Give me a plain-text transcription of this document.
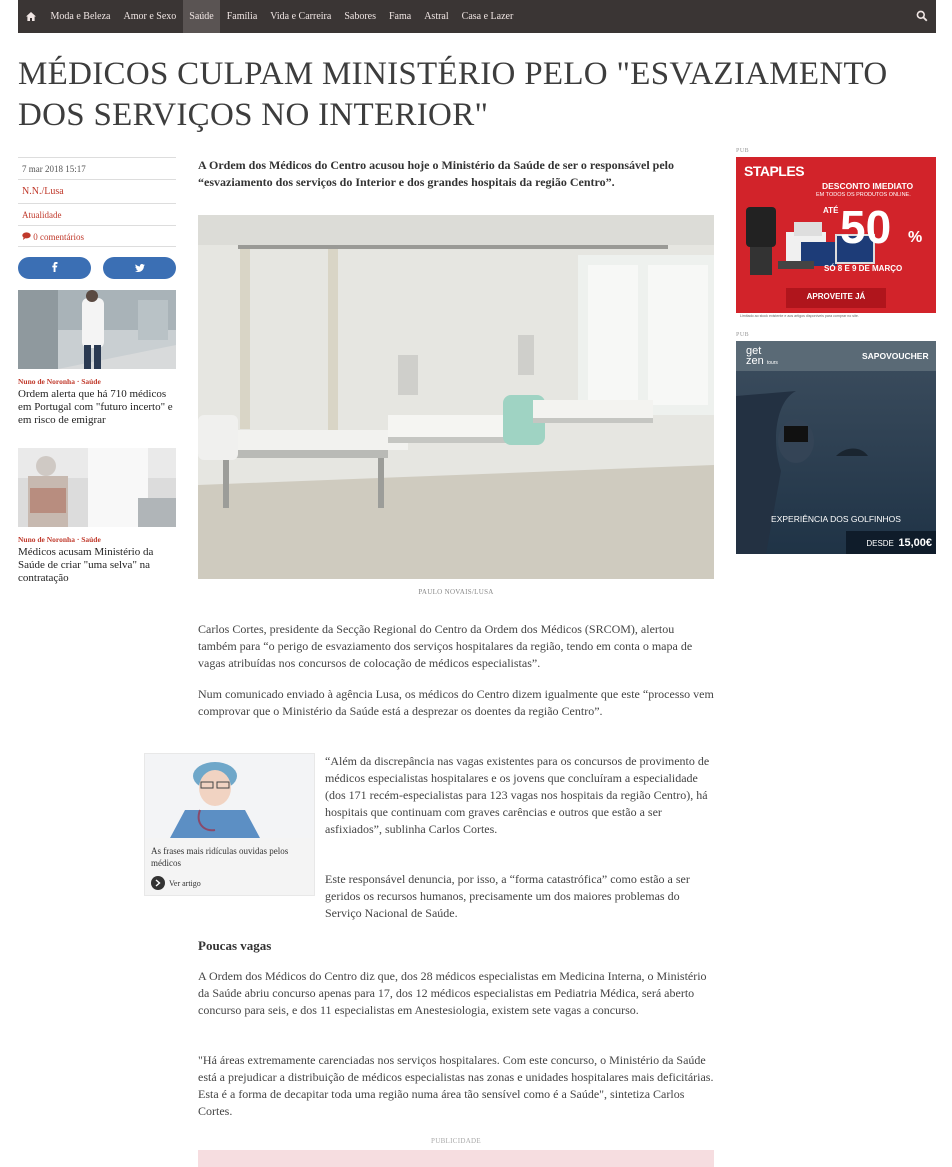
Moda e Beleza	Amor e Sexo	Saúde	Família	Vida e Carreira	Sabores	Fama	Astral	Casa e Lazer
MÉDICOS CULPAM MINISTÉRIO PELO "ESVAZIAMENTO DOS SERVIÇOS NO INTERIOR"
7 mar 2018 15:17
N.N./Lusa
Atualidade
0 comentários
Nuno de Noronha · Saúde
Ordem alerta que há 710 médicos em Portugal com "futuro incerto" e em risco de emigrar
Nuno de Noronha · Saúde
Médicos acusam Ministério da Saúde de criar "uma selva" na contratação

A Ordem dos Médicos do Centro acusou hoje o Ministério da Saúde de ser o responsável pelo “esvaziamento dos serviços do Interior e dos grandes hospitais da região Centro”.

PAULO NOVAIS/LUSA

Carlos Cortes, presidente da Secção Regional do Centro da Ordem dos Médicos (SRCOM), alertou também para “o perigo de esvaziamento dos serviços hospitalares da região, tendo em conta o mapa de vagas atribuídas nos concursos de colocação de médicos especialistas”.

Num comunicado enviado à agência Lusa, os médicos do Centro dizem igualmente que este “processo vem comprovar que o Ministério da Saúde está a desprezar os doentes da região Centro”.

As frases mais ridículas ouvidas pelos médicos
Ver artigo

“Além da discrepância nas vagas existentes para os concursos de provimento de médicos especialistas hospitalares e os jovens que concluíram a especialidade (dos 171 recém-especialistas para 123 vagas nos hospitais da região Centro), há hospitais que continuam com graves carências e outros que estão a ser asfixiados”, sublinha Carlos Cortes.

Este responsável denuncia, por isso, a “forma catastrófica” como estão a ser geridos os recursos humanos, precisamente um dos maiores problemas do Serviço Nacional de Saúde.

Poucas vagas

A Ordem dos Médicos do Centro diz que, dos 28 médicos especialistas em Medicina Interna, o Ministério da Saúde abriu concurso apenas para 17, dos 12 médicos especialistas em Pediatria Médica, será aberto concurso para seis, e dos 11 especialistas em Anestesiologia, existem sete vagas a concurso.

"Há áreas extremamente carenciadas nos serviços hospitalares. Com este concurso, o Ministério da Saúde está a prejudicar a distribuição de médicos especialistas nas zonas e unidades hospitalares mais deficitárias. Esta é a forma de decapitar toda uma região numa área tão sensível como é a Saúde", sintetiza Carlos Cortes.

PUBLICIDADE
PUB
STAPLES
DESCONTO IMEDIATO
EM TODOS OS PRODUTOS ONLINE.
ATÉ 50 %
SÓ 8 E 9 DE MARÇO
APROVEITE JÁ
Limitado ao stock existente e aos artigos disponíveis para comprar no site.
PUB
get
zen tours
SAPOVOUCHER
EXPERIÊNCIA DOS GOLFINHOS
DESDE 15,00€
